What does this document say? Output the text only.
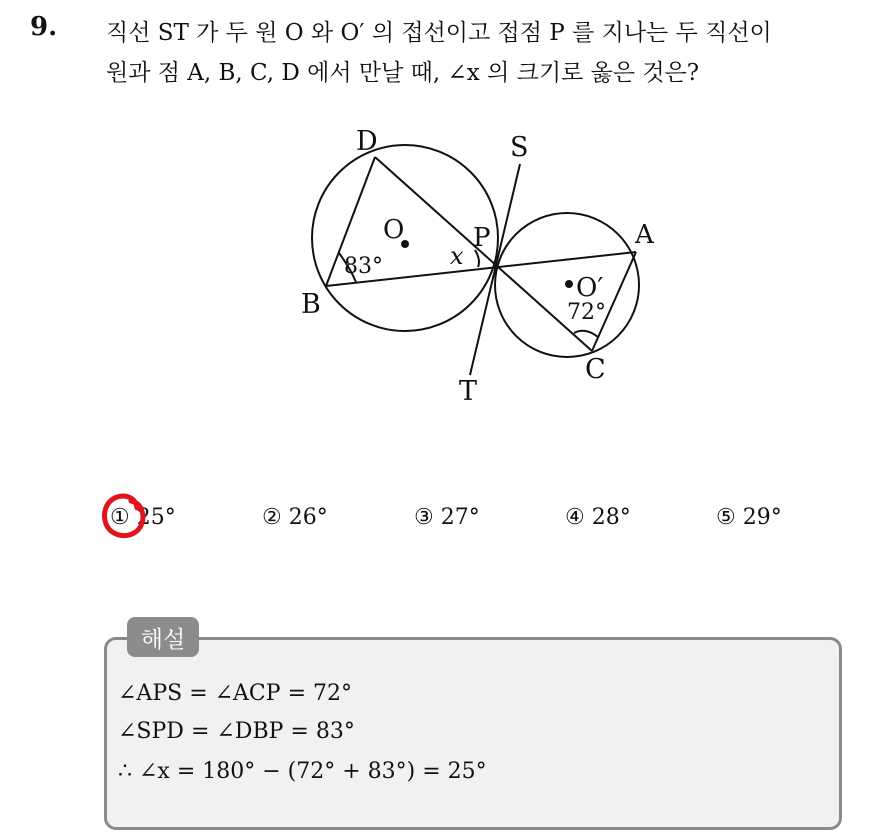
9. 직선 ST 가 두 원 O 와 O′ 의 접선이고 접점 P 를 지나는 두 직선이
원과 점 A, B, C, D 에서 만날 때, ∠x 의 크기로 옳은 것은?
D	S
O	P	A
x
83°
O′
72°
B
C
T
① 25°	② 26°	③ 27°	④ 28°	⑤ 29°
해설
∠APS = ∠ACP = 72°
∠SPD = ∠DBP = 83°
∴ ∠x = 180° − (72° + 83°) = 25°
